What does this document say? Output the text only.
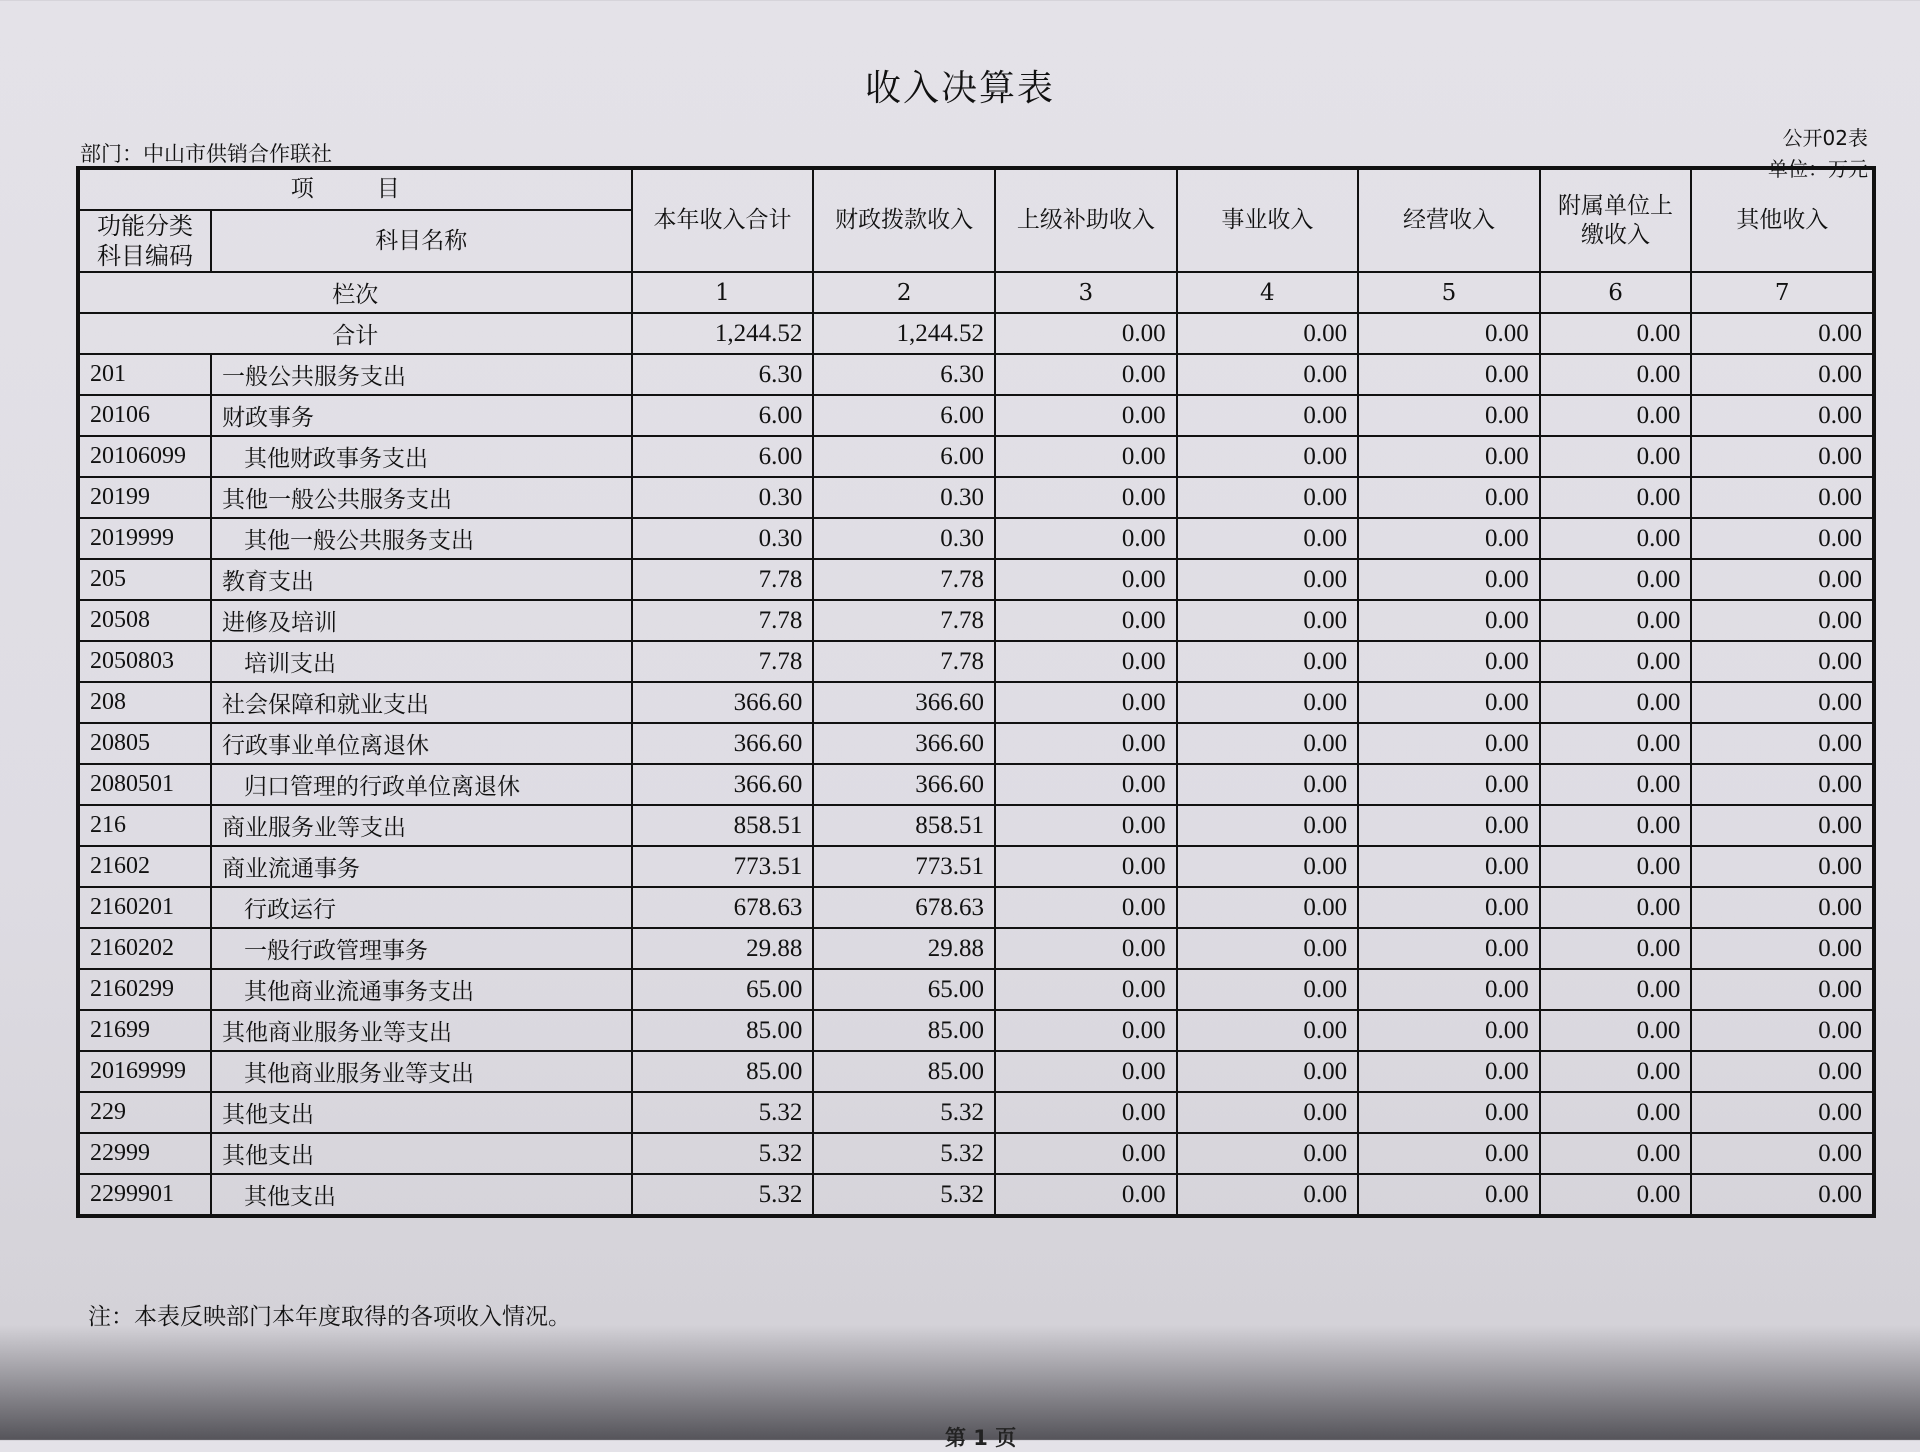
收入决算表
部门：中山市供销合作联社
公开02表
单位：万元
项　目		本年收入合计	财政拨款收入	上级补助收入	事业收入	经营收入	附属单位上缴收入	其他收入
功能分类科目编码	科目名称							
栏次		1	2	3	4	5	6	7
合计		1,244.52	1,244.52	0.00	0.00	0.00	0.00	0.00
201	一般公共服务支出	6.30	6.30	0.00	0.00	0.00	0.00	0.00
20106	财政事务	6.00	6.00	0.00	0.00	0.00	0.00	0.00
20106099	其他财政事务支出	6.00	6.00	0.00	0.00	0.00	0.00	0.00
20199	其他一般公共服务支出	0.30	0.30	0.00	0.00	0.00	0.00	0.00
2019999	其他一般公共服务支出	0.30	0.30	0.00	0.00	0.00	0.00	0.00
205	教育支出	7.78	7.78	0.00	0.00	0.00	0.00	0.00
20508	进修及培训	7.78	7.78	0.00	0.00	0.00	0.00	0.00
2050803	培训支出	7.78	7.78	0.00	0.00	0.00	0.00	0.00
208	社会保障和就业支出	366.60	366.60	0.00	0.00	0.00	0.00	0.00
20805	行政事业单位离退休	366.60	366.60	0.00	0.00	0.00	0.00	0.00
2080501	归口管理的行政单位离退休	366.60	366.60	0.00	0.00	0.00	0.00	0.00
216	商业服务业等支出	858.51	858.51	0.00	0.00	0.00	0.00	0.00
21602	商业流通事务	773.51	773.51	0.00	0.00	0.00	0.00	0.00
2160201	行政运行	678.63	678.63	0.00	0.00	0.00	0.00	0.00
2160202	一般行政管理事务	29.88	29.88	0.00	0.00	0.00	0.00	0.00
2160299	其他商业流通事务支出	65.00	65.00	0.00	0.00	0.00	0.00	0.00
21699	其他商业服务业等支出	85.00	85.00	0.00	0.00	0.00	0.00	0.00
20169999	其他商业服务业等支出	85.00	85.00	0.00	0.00	0.00	0.00	0.00
229	其他支出	5.32	5.32	0.00	0.00	0.00	0.00	0.00
22999	其他支出	5.32	5.32	0.00	0.00	0.00	0.00	0.00
2299901	其他支出	5.32	5.32	0.00	0.00	0.00	0.00	0.00
注：本表反映部门本年度取得的各项收入情况。
第 1 页
